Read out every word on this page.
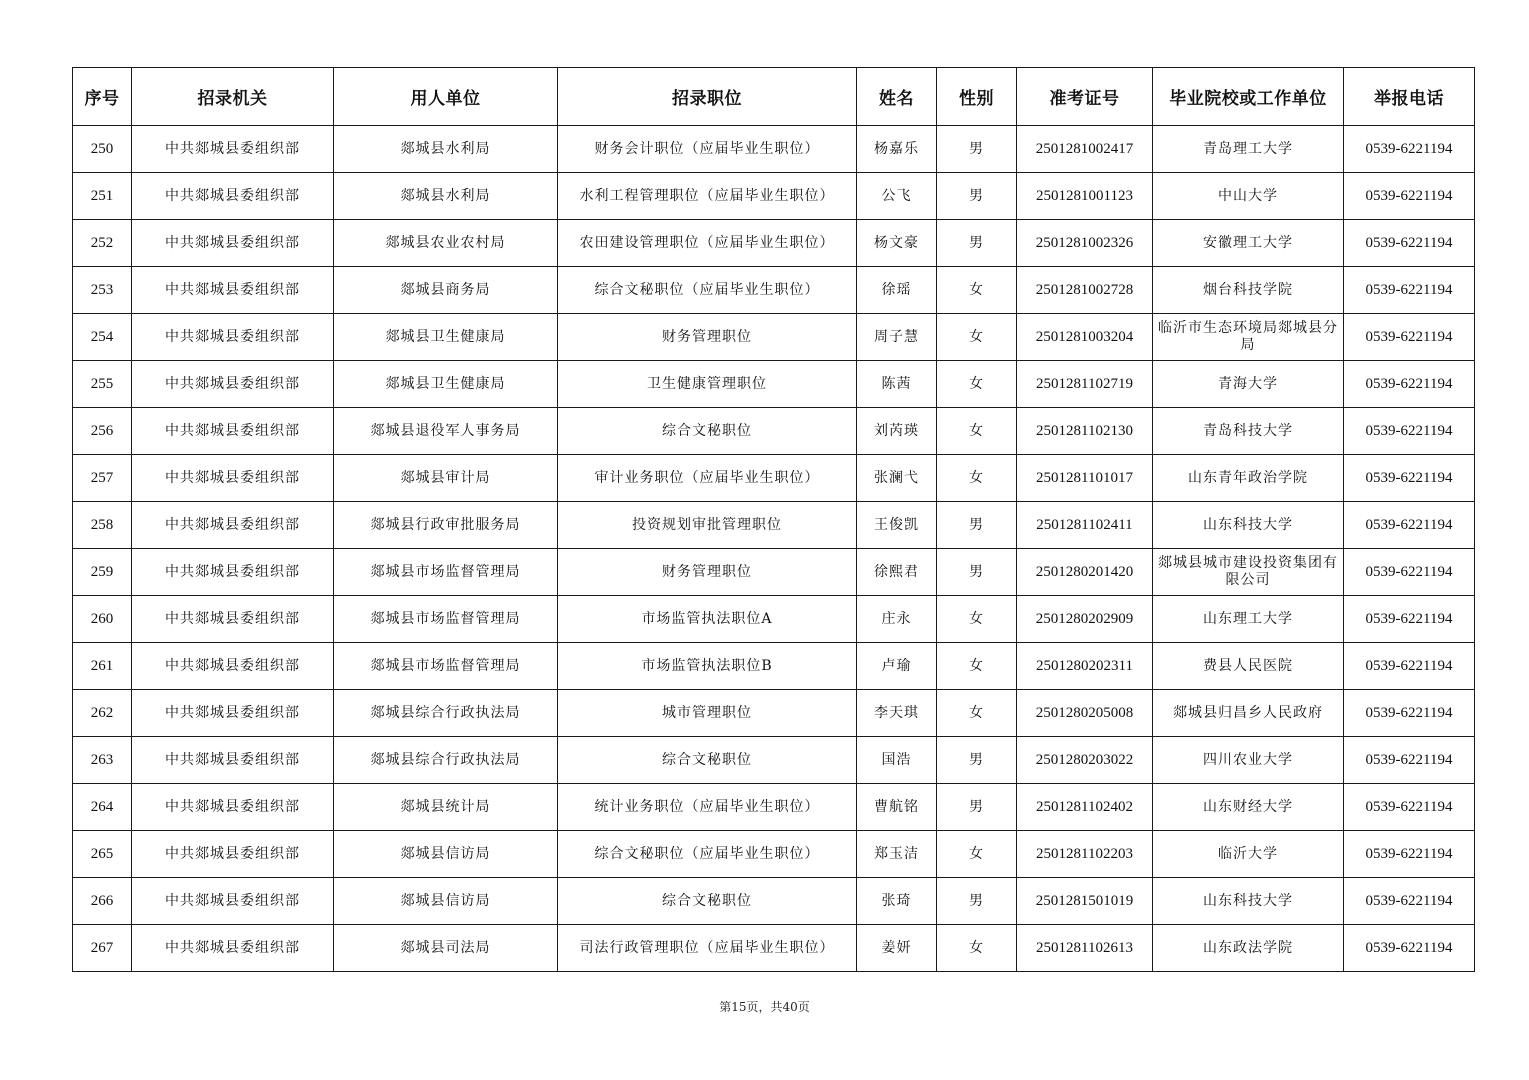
序号	招录机关	用人单位	招录职位	姓名	性别	准考证号	毕业院校或工作单位	举报电话
250	中共郯城县委组织部	郯城县水利局	财务会计职位（应届毕业生职位）	杨嘉乐	男	2501281002417	青岛理工大学	0539-6221194
251	中共郯城县委组织部	郯城县水利局	水利工程管理职位（应届毕业生职位）	公飞	男	2501281001123	中山大学	0539-6221194
252	中共郯城县委组织部	郯城县农业农村局	农田建设管理职位（应届毕业生职位）	杨文豪	男	2501281002326	安徽理工大学	0539-6221194
253	中共郯城县委组织部	郯城县商务局	综合文秘职位（应届毕业生职位）	徐瑶	女	2501281002728	烟台科技学院	0539-6221194
254	中共郯城县委组织部	郯城县卫生健康局	财务管理职位	周子慧	女	2501281003204	临沂市生态环境局郯城县分局	0539-6221194
255	中共郯城县委组织部	郯城县卫生健康局	卫生健康管理职位	陈茜	女	2501281102719	青海大学	0539-6221194
256	中共郯城县委组织部	郯城县退役军人事务局	综合文秘职位	刘芮瑛	女	2501281102130	青岛科技大学	0539-6221194
257	中共郯城县委组织部	郯城县审计局	审计业务职位（应届毕业生职位）	张澜弋	女	2501281101017	山东青年政治学院	0539-6221194
258	中共郯城县委组织部	郯城县行政审批服务局	投资规划审批管理职位	王俊凯	男	2501281102411	山东科技大学	0539-6221194
259	中共郯城县委组织部	郯城县市场监督管理局	财务管理职位	徐熙君	男	2501280201420	郯城县城市建设投资集团有限公司	0539-6221194
260	中共郯城县委组织部	郯城县市场监督管理局	市场监管执法职位A	庄永	女	2501280202909	山东理工大学	0539-6221194
261	中共郯城县委组织部	郯城县市场监督管理局	市场监管执法职位B	卢瑜	女	2501280202311	费县人民医院	0539-6221194
262	中共郯城县委组织部	郯城县综合行政执法局	城市管理职位	李天琪	女	2501280205008	郯城县归昌乡人民政府	0539-6221194
263	中共郯城县委组织部	郯城县综合行政执法局	综合文秘职位	国浩	男	2501280203022	四川农业大学	0539-6221194
264	中共郯城县委组织部	郯城县统计局	统计业务职位（应届毕业生职位）	曹航铭	男	2501281102402	山东财经大学	0539-6221194
265	中共郯城县委组织部	郯城县信访局	综合文秘职位（应届毕业生职位）	郑玉洁	女	2501281102203	临沂大学	0539-6221194
266	中共郯城县委组织部	郯城县信访局	综合文秘职位	张琦	男	2501281501019	山东科技大学	0539-6221194
267	中共郯城县委组织部	郯城县司法局	司法行政管理职位（应届毕业生职位）	姜妍	女	2501281102613	山东政法学院	0539-6221194
第15页，共40页
